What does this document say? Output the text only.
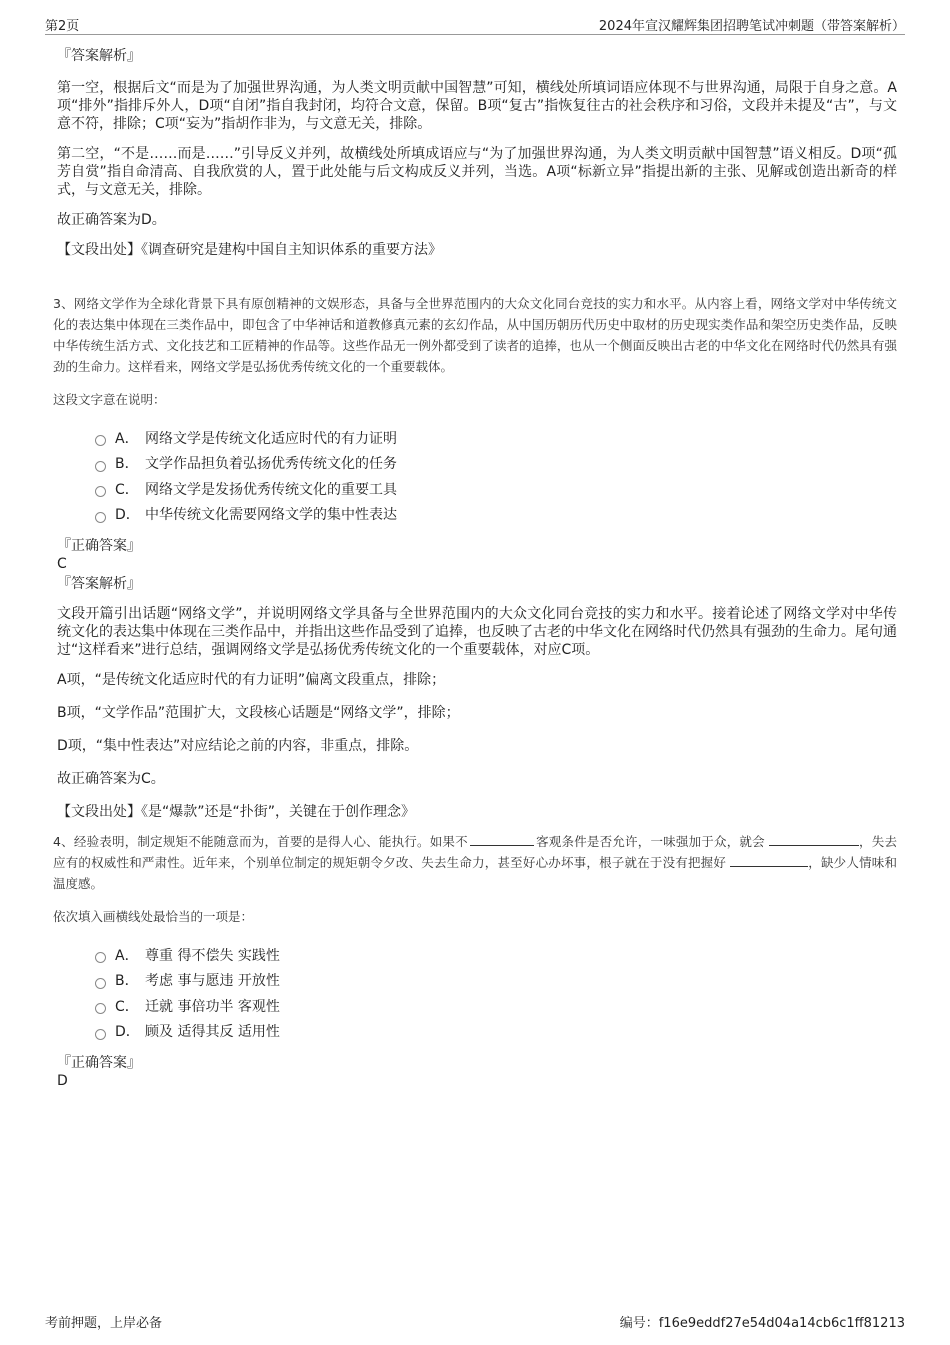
第2页	2024年宣汉耀辉集团招聘笔试冲刺题（带答案解析）
『答案解析』

第一空，根据后文“而是为了加强世界沟通，为人类文明贡献中国智慧”可知，横线处所填词语应体现不与世界沟通，局限于自身之意。A项“排外”指排斥外人，D项“自闭”指自我封闭，均符合文意，保留。B项“复古”指恢复往古的社会秩序和习俗，文段并未提及“古”，与文意不符，排除；C项“妄为”指胡作非为，与文意无关，排除。

第二空，“不是……而是……”引导反义并列，故横线处所填成语应与“为了加强世界沟通，为人类文明贡献中国智慧”语义相反。D项“孤芳自赏”指自命清高、自我欣赏的人，置于此处能与后文构成反义并列，当选。A项“标新立异”指提出新的主张、见解或创造出新奇的样式，与文意无关，排除。

故正确答案为D。

【文段出处】《调查研究是建构中国自主知识体系的重要方法》

3、网络文学作为全球化背景下具有原创精神的文娱形态，具备与全世界范围内的大众文化同台竞技的实力和水平。从内容上看，网络文学对中华传统文化的表达集中体现在三类作品中，即包含了中华神话和道教修真元素的玄幻作品，从中国历朝历代历史中取材的历史现实类作品和架空历史类作品，反映中华传统生活方式、文化技艺和工匠精神的作品等。这些作品无一例外都受到了读者的追捧，也从一个侧面反映出古老的中华文化在网络时代仍然具有强劲的生命力。这样看来，网络文学是弘扬优秀传统文化的一个重要载体。

这段文字意在说明：

A． 网络文学是传统文化适应时代的有力证明
B． 文学作品担负着弘扬优秀传统文化的任务
C． 网络文学是发扬优秀传统文化的重要工具
D． 中华传统文化需要网络文学的集中性表达
『正确答案』
C
『答案解析』

文段开篇引出话题“网络文学”，并说明网络文学具备与全世界范围内的大众文化同台竞技的实力和水平。接着论述了网络文学对中华传统文化的表达集中体现在三类作品中，并指出这些作品受到了追捧，也反映了古老的中华文化在网络时代仍然具有强劲的生命力。尾句通过“这样看来”进行总结，强调网络文学是弘扬优秀传统文化的一个重要载体，对应C项。

A项，“是传统文化适应时代的有力证明”偏离文段重点，排除；

B项，“文学作品”范围扩大，文段核心话题是“网络文学”，排除；

D项，“集中性表达”对应结论之前的内容，非重点，排除。

故正确答案为C。

【文段出处】《是“爆款”还是“扑街”，关键在于创作理念》

4、经验表明，制定规矩不能随意而为，首要的是得人心、能执行。如果不	客观条件是否允许，一味强加于众，就会	，失去应有的权威性和严肃性。近年来，个别单位制定的规矩朝令夕改、失去生命力，甚至好心办坏事，根子就在于没有把握好	，缺少人情味和温度感。

依次填入画横线处最恰当的一项是：

A． 尊重 得不偿失 实践性
B． 考虑 事与愿违 开放性
C． 迁就 事倍功半 客观性
D． 顾及 适得其反 适用性
『正确答案』
D
考前押题，上岸必备	编号：f16e9eddf27e54d04a14cb6c1ff81213
